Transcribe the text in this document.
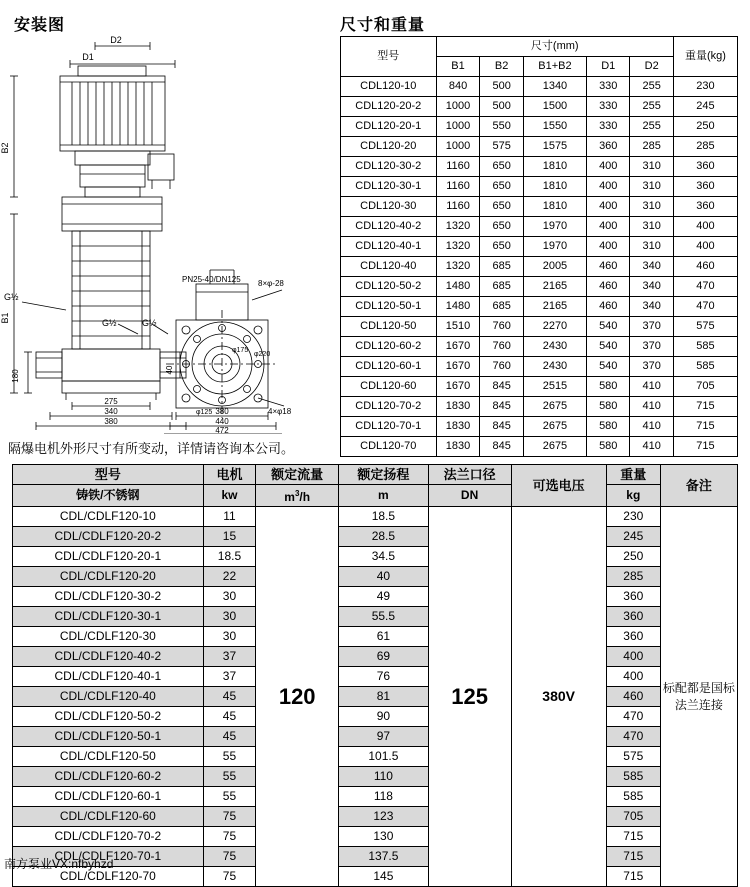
安装图	尺寸和重量
D2
D1
B2
B1
G½
G½	G½
PN25-40/DN125 8×φ-28
4×φ18
φ175
φ220
φ125
180	40
275
340
380
380
440
472
型号	尺寸(mm)					重量(kg)
	B1	B2	B1+B2	D1	D2	
CDL120-10	840	500	1340	330	255	230
CDL120-20-2	1000	500	1500	330	255	245
CDL120-20-1	1000	550	1550	330	255	250
CDL120-20	1000	575	1575	360	285	285
CDL120-30-2	1160	650	1810	400	310	360
CDL120-30-1	1160	650	1810	400	310	360
CDL120-30	1160	650	1810	400	310	360
CDL120-40-2	1320	650	1970	400	310	400
CDL120-40-1	1320	650	1970	400	310	400
CDL120-40	1320	685	2005	460	340	460
CDL120-50-2	1480	685	2165	460	340	470
CDL120-50-1	1480	685	2165	460	340	470
CDL120-50	1510	760	2270	540	370	575
CDL120-60-2	1670	760	2430	540	370	585
CDL120-60-1	1670	760	2430	540	370	585
CDL120-60	1670	845	2515	580	410	705
CDL120-70-2	1830	845	2675	580	410	715
CDL120-70-1	1830	845	2675	580	410	715
CDL120-70	1830	845	2675	580	410	715
隔爆电机外形尺寸有所变动，详情请咨询本公司。
型号	电机	额定流量	额定扬程	法兰口径	可选电压	重量	备注
铸铁/不锈钢	kw	$m^3/h$	m	DN		kg	
CDL/CDLF120-10	11	120	18.5	125	380V	230	标配都是国标法兰连接
CDL/CDLF120-20-2	15		28.5			245	
CDL/CDLF120-20-1	18.5		34.5			250	
CDL/CDLF120-20	22		40			285	
CDL/CDLF120-30-2	30		49			360	
CDL/CDLF120-30-1	30		55.5			360	
CDL/CDLF120-30	30		61			360	
CDL/CDLF120-40-2	37		69			400	
CDL/CDLF120-40-1	37		76			400	
CDL/CDLF120-40	45		81			460	
CDL/CDLF120-50-2	45		90			470	
CDL/CDLF120-50-1	45		97			470	
CDL/CDLF120-50	55		101.5			575	
CDL/CDLF120-60-2	55		110			585	
CDL/CDLF120-60-1	55		118			585	
CDL/CDLF120-60	75		123			705	
CDL/CDLF120-70-2	75		130			715	
CDL/CDLF120-70-1	75		137.5			715	
CDL/CDLF120-70	75		145			715	
南方泵业VX:nfbyhzd
